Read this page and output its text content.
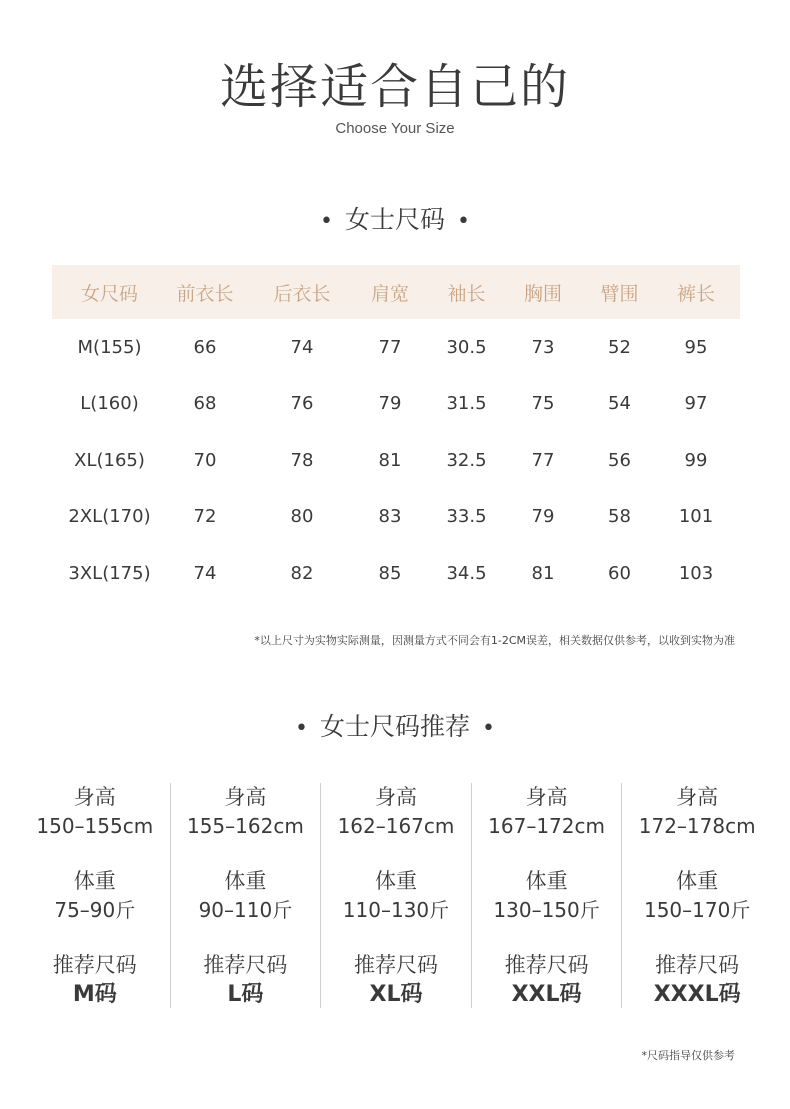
选择适合自己的
Choose Your Size
• 女士尺码 •
女尺码	前衣长	后衣长	肩宽	袖长	胸围	臂围	裤长
M(155)	66	74	77	30.5	73	52	95
L(160)	68	76	79	31.5	75	54	97
XL(165)	70	78	81	32.5	77	56	99
2XL(170)	72	80	83	33.5	79	58	101
3XL(175)	74	82	85	34.5	81	60	103
*以上尺寸为实物实际测量，因测量方式不同会有1-2CM误差，相关数据仅供参考，以收到实物为准
• 女士尺码推荐 •
身高
150–155cm
体重
75–90斤
推荐尺码
M码
身高
155–162cm
体重
90–110斤
推荐尺码
L码
身高
162–167cm
体重
110–130斤
推荐尺码
XL码
身高
167–172cm
体重
130–150斤
推荐尺码
XXL码
身高
172–178cm
体重
150–170斤
推荐尺码
XXXL码
*尺码指导仅供参考
